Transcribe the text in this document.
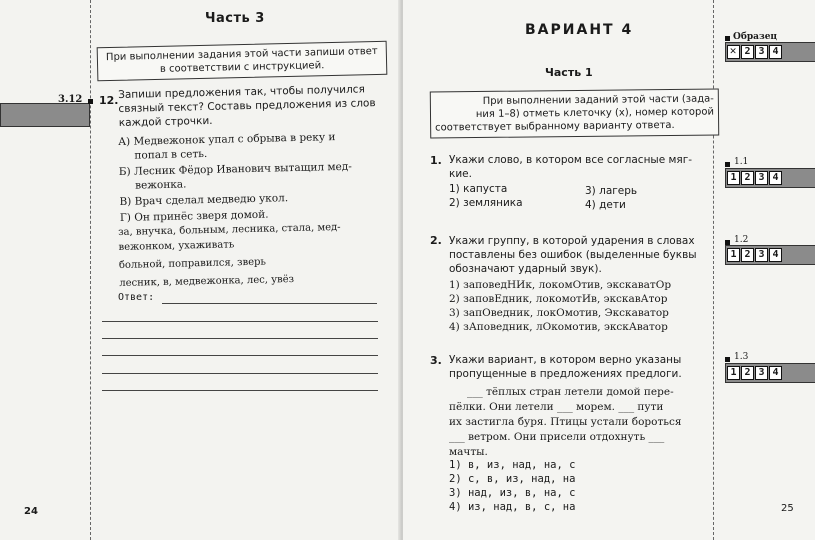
Часть 3
При выполнении задания этой части запиши ответ в соответствии с инструкцией.
3.12 12. Запиши предложения так, чтобы получился
связный текст? Составь предложения из слов
каждой строчки.
А) Медвежонок упал с обрыва в реку и
попал в сеть.
Б) Лесник Фёдор Иванович вытащил мед-
вежонка.
В) Врач сделал медведю укол.
Г) Он принёс зверя домой.
за, внучка, больным, лесника, стала, мед-
вежонком, ухаживать
больной, поправился, зверь
лесник, в, медвежонка, лес, увёз
Ответ:
24
ВАРИАНТ 4
Часть 1
При выполнении заданий этой части (зада-
ния 1–8) отметь клеточку (х), номер которой
соответствует выбранному варианту ответа.
Образец
✕ 2 3 4
1.1
1 2 3 4
1.2
1 2 3 4
1.3
1 2 3 4
1. Укажи слово, в котором все согласные мяг-
кие.
1) капуста
2) земляника
3) лагерь
4) дети
2. Укажи группу, в которой ударения в словах
поставлены без ошибок (выделенные буквы
обозначают ударный звук).
1) заповедНИк, локомОтив, экскаватОр
2) заповЕдник, локомотИв, экскавАтор
3) запОведник, локОмотив, Экскаватор
4) зАповедник, лОкомотив, экскАватор
3. Укажи вариант, в котором верно указаны
пропущенные в предложениях предлоги.
___ тёплых стран летели домой пере-
пёлки. Они летели ___ морем. ___ пути
их застигла буря. Птицы устали бороться
___ ветром. Они присели отдохнуть ___
мачты.
1) в, из, над, на, с
2) с, в, из, над, на
3) над, из, в, на, с
4) из, над, в, с, на	25
